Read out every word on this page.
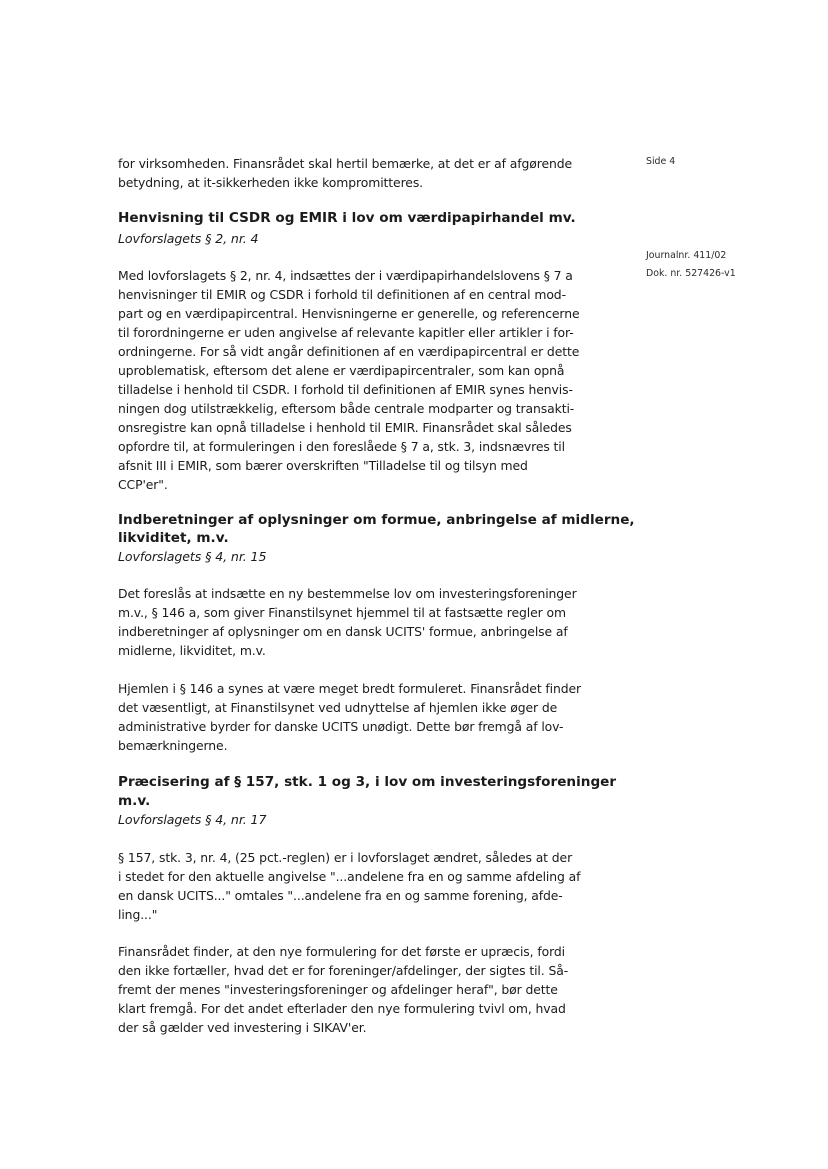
Side 4
Journalnr. 411/02
Dok. nr. 527426-v1
for virksomheden. Finansrådet skal hertil bemærke, at det er af afgørende
betydning, at it-sikkerheden ikke kompromitteres.
Henvisning til CSDR og EMIR i lov om værdipapirhandel mv.
Lovforslagets § 2, nr. 4
Med lovforslagets § 2, nr. 4, indsættes der i værdipapirhandelslovens § 7 a
henvisninger til EMIR og CSDR i forhold til definitionen af en central mod-
part og en værdipapircentral. Henvisningerne er generelle, og referencerne
til forordningerne er uden angivelse af relevante kapitler eller artikler i for-
ordningerne. For så vidt angår definitionen af en værdipapircentral er dette
uproblematisk, eftersom det alene er værdipapircentraler, som kan opnå
tilladelse i henhold til CSDR. I forhold til definitionen af EMIR synes henvis-
ningen dog utilstrækkelig, eftersom både centrale modparter og transakti-
onsregistre kan opnå tilladelse i henhold til EMIR. Finansrådet skal således
opfordre til, at formuleringen i den foreslåede § 7 a, stk. 3, indsnævres til
afsnit III i EMIR, som bærer overskriften "Tilladelse til og tilsyn med
CCP'er".
Indberetninger af oplysninger om formue, anbringelse af midlerne,
likviditet, m.v.
Lovforslagets § 4, nr. 15
Det foreslås at indsætte en ny bestemmelse lov om investeringsforeninger
m.v., § 146 a, som giver Finanstilsynet hjemmel til at fastsætte regler om
indberetninger af oplysninger om en dansk UCITS' formue, anbringelse af
midlerne, likviditet, m.v.
Hjemlen i § 146 a synes at være meget bredt formuleret. Finansrådet finder
det væsentligt, at Finanstilsynet ved udnyttelse af hjemlen ikke øger de
administrative byrder for danske UCITS unødigt. Dette bør fremgå af lov-
bemærkningerne.
Præcisering af § 157, stk. 1 og 3, i lov om investeringsforeninger
m.v.
Lovforslagets § 4, nr. 17
§ 157, stk. 3, nr. 4, (25 pct.-reglen) er i lovforslaget ændret, således at der
i stedet for den aktuelle angivelse "...andelene fra en og samme afdeling af
en dansk UCITS..." omtales "...andelene fra en og samme forening, afde-
ling..."
Finansrådet finder, at den nye formulering for det første er upræcis, fordi
den ikke fortæller, hvad det er for foreninger/afdelinger, der sigtes til. Så-
fremt der menes "investeringsforeninger og afdelinger heraf", bør dette
klart fremgå. For det andet efterlader den nye formulering tvivl om, hvad
der så gælder ved investering i SIKAV'er.
